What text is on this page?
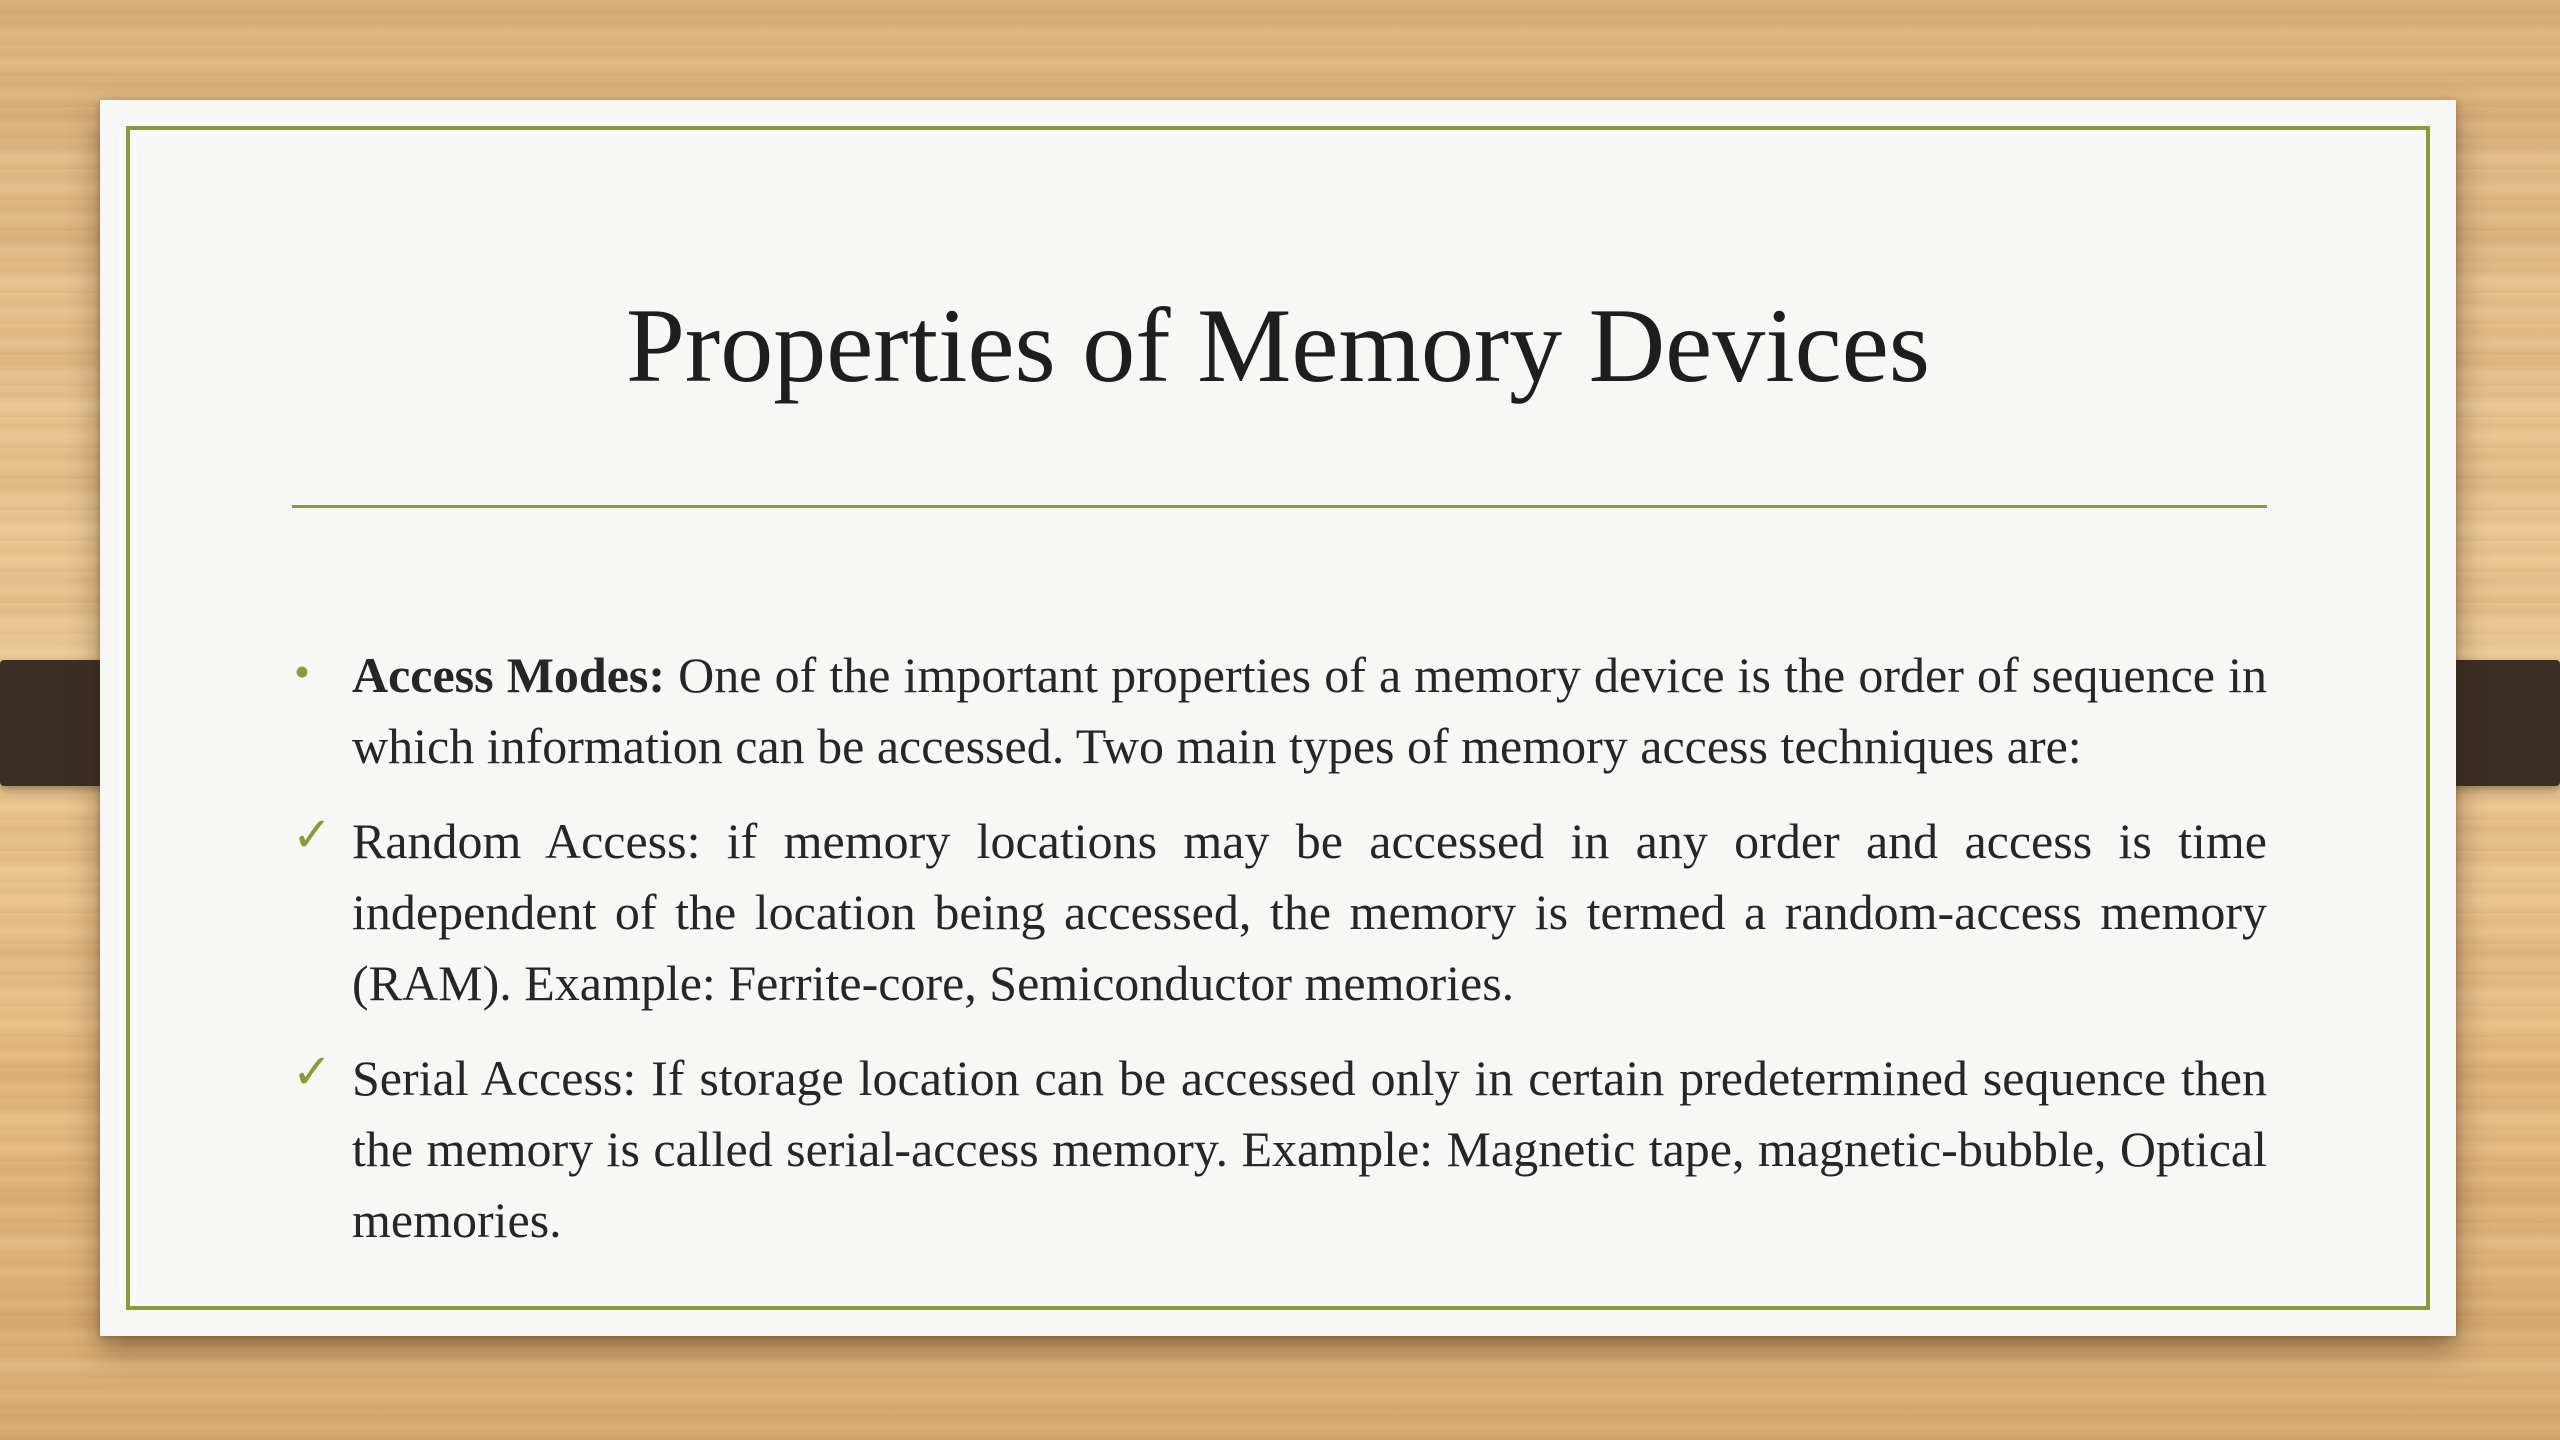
Properties of Memory Devices

• Access Modes: One of the important properties of a memory device is the order of sequence in which information can be accessed. Two main types of memory access techniques are:

✓ Random Access: if memory locations may be accessed in any order and access is time independent of the location being accessed, the memory is termed a random-access memory (RAM). Example: Ferrite-core, Semiconductor memories.

✓ Serial Access: If storage location can be accessed only in certain predetermined sequence then the memory is called serial-access memory. Example: Magnetic tape, magnetic-bubble, Optical memories.
